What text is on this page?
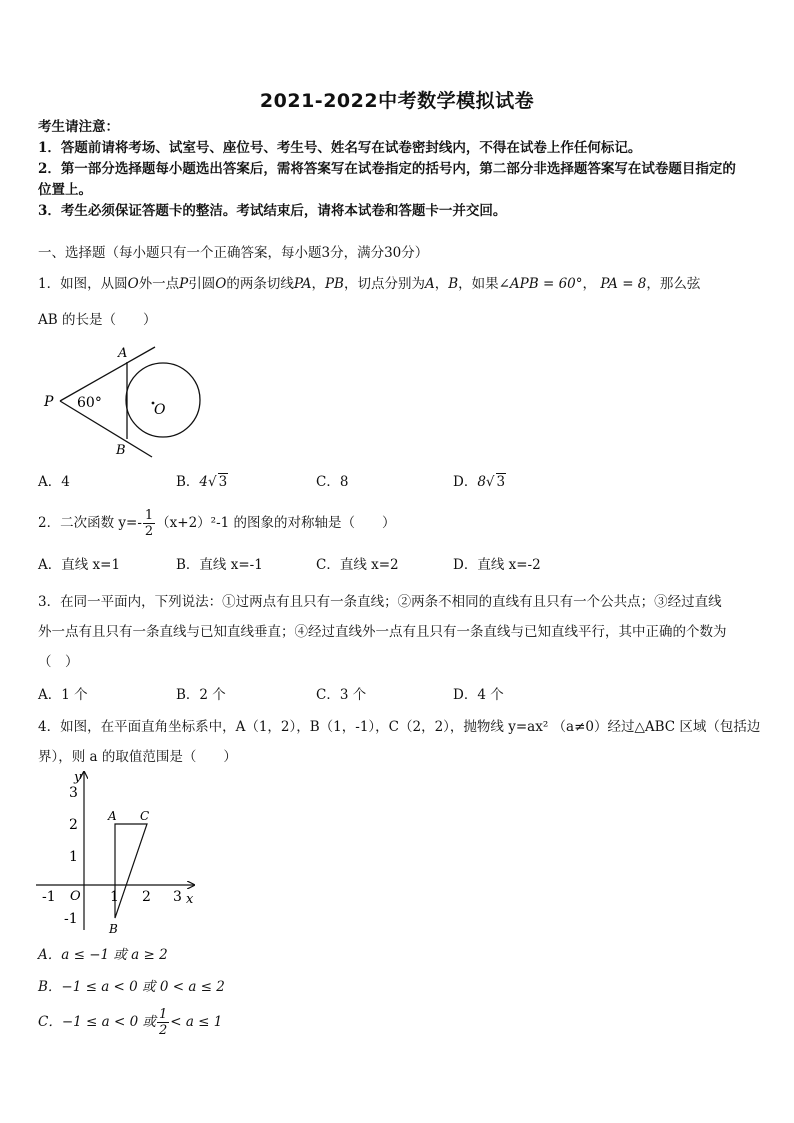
2021-2022中考数学模拟试卷
考生请注意：
1．答题前请将考场、试室号、座位号、考生号、姓名写在试卷密封线内，不得在试卷上作任何标记。
2．第一部分选择题每小题选出答案后，需将答案写在试卷指定的括号内，第二部分非选择题答案写在试卷题目指定的
位置上。
3．考生必须保证答题卡的整洁。考试结束后，请将本试卷和答题卡一并交回。
一、选择题（每小题只有一个正确答案，每小题3分，满分30分）
1．如图，从圆O外一点P引圆O的两条切线PA，PB，切点分别为A，B，如果∠APB = 60°， PA = 8，那么弦
AB 的长是（　　）
A
B
P	O
60°
A．4	B．4√ 3	C．8	D．8√ 3
2．二次函数 $y=- \frac{1}{2} (x+2)^2-1$ 的图象的对称轴是（　　）
A．直线 x=1	B．直线 x=-1	C．直线 x=2	D．直线 x=-2
3．在同一平面内，下列说法：①过两点有且只有一条直线；②两条不相同的直线有且只有一个公共点；③经过直线
外一点有且只有一条直线与已知直线垂直；④经过直线外一点有且只有一条直线与已知直线平行，其中正确的个数为
（　）
A．1 个	B．2 个	C．3 个	D．4 个
4．如图，在平面直角坐标系中，A（1，2），B（1，-1），C（2，2），抛物线 y=ax² （a≠0）经过△ABC 区域（包括边
界），则 a 的取值范围是（　　）
y
x
O
A C
B
-1	1 2 3
3
2
1
-1
A．a ≤ −1 或 a ≥ 2
B．−1 ≤ a < 0 或 0 < a ≤ 2
C．−1 ≤ a < 0 或 $\frac{1}{2} < a \le 1$
